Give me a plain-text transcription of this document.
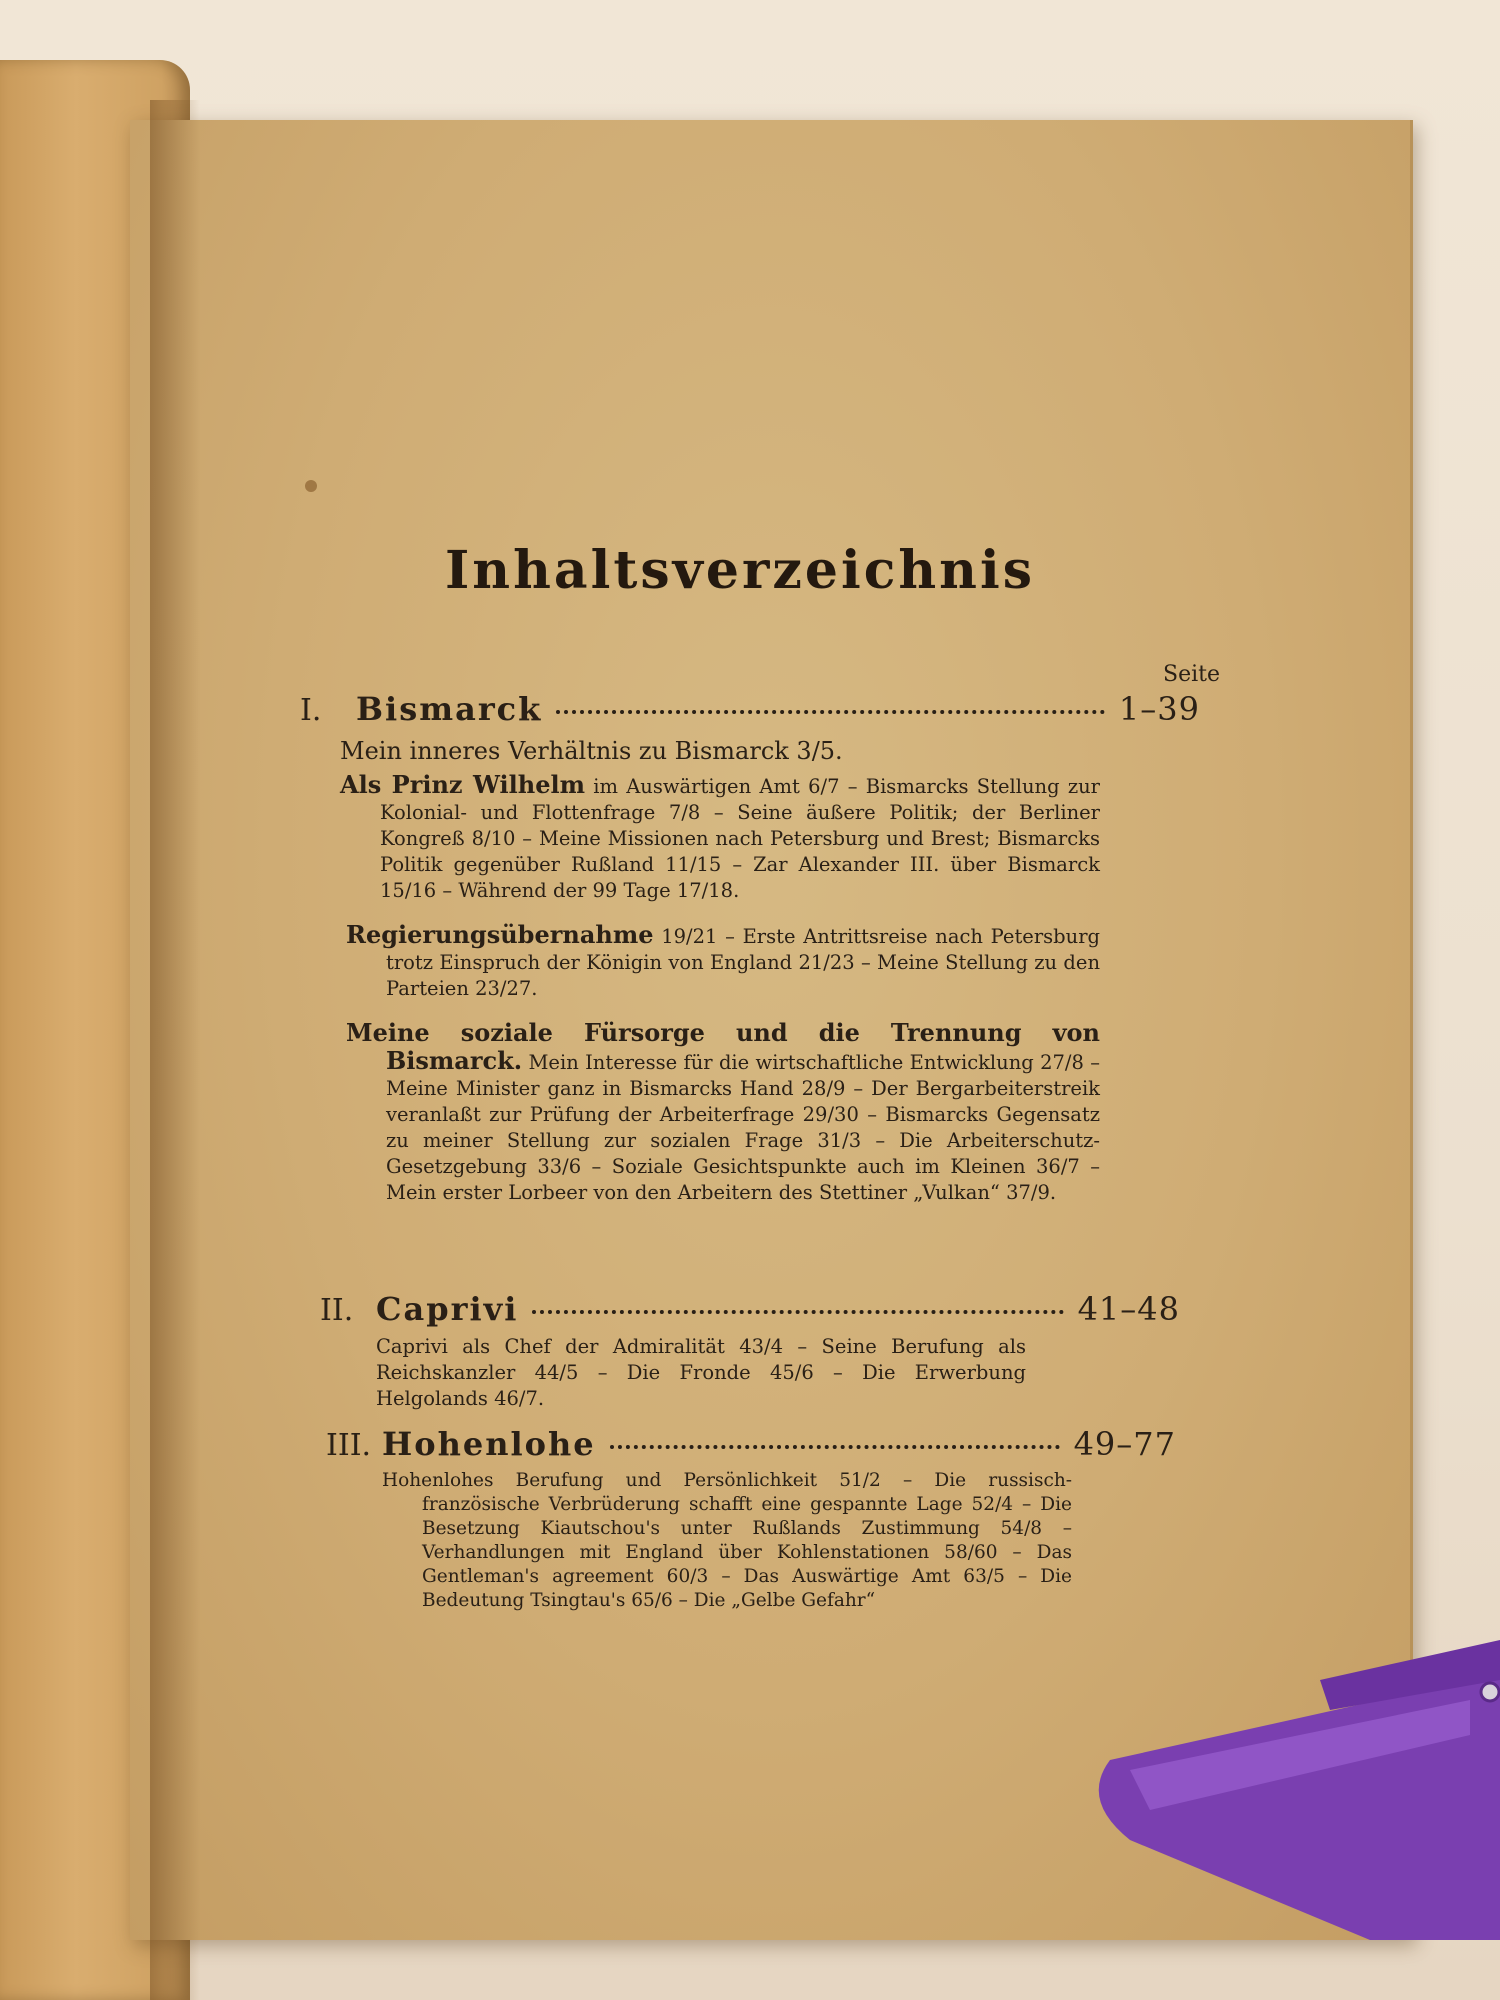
Inhaltsverzeichnis
Seite
I.	Bismarck	1–39
Mein inneres Verhältnis zu Bismarck 3/5.
Als Prinz Wilhelm im Auswärtigen Amt 6/7 – Bismarcks Stellung zur Kolonial- und Flottenfrage 7/8 – Seine äußere Politik; der Berliner Kongreß 8/10 – Meine Missionen nach Petersburg und Brest; Bismarcks Politik gegenüber Rußland 11/15 – Zar Alexander III. über Bismarck 15/16 – Während der 99 Tage 17/18.
Regierungsübernahme 19/21 – Erste Antrittsreise nach Petersburg trotz Einspruch der Königin von England 21/23 – Meine Stellung zu den Parteien 23/27.
Meine soziale Fürsorge und die Trennung von Bismarck. Mein Interesse für die wirtschaftliche Entwicklung 27/8 – Meine Minister ganz in Bismarcks Hand 28/9 – Der Bergarbeiterstreik veranlaßt zur Prüfung der Arbeiterfrage 29/30 – Bismarcks Gegensatz zu meiner Stellung zur sozialen Frage 31/3 – Die Arbeiterschutz-Gesetzgebung 33/6 – Soziale Gesichtspunkte auch im Kleinen 36/7 – Mein erster Lorbeer von den Arbeitern des Stettiner „Vulkan“ 37/9.
II. Caprivi	41–48
Caprivi als Chef der Admiralität 43/4 – Seine Berufung als Reichskanzler 44/5 – Die Fronde 45/6 – Die Erwerbung Helgolands 46/7.
III. Hohenlohe	49–77
Hohenlohes Berufung und Persönlichkeit 51/2 – Die russisch-französische Verbrüderung schafft eine gespannte Lage 52/4 – Die Besetzung Kiautschou's unter Rußlands Zustimmung 54/8 – Verhandlungen mit England über Kohlenstationen 58/60 – Das Gentleman's agreement 60/3 – Das Auswärtige Amt 63/5 – Die Bedeutung Tsingtau's 65/6 – Die „Gelbe Gefahr“
